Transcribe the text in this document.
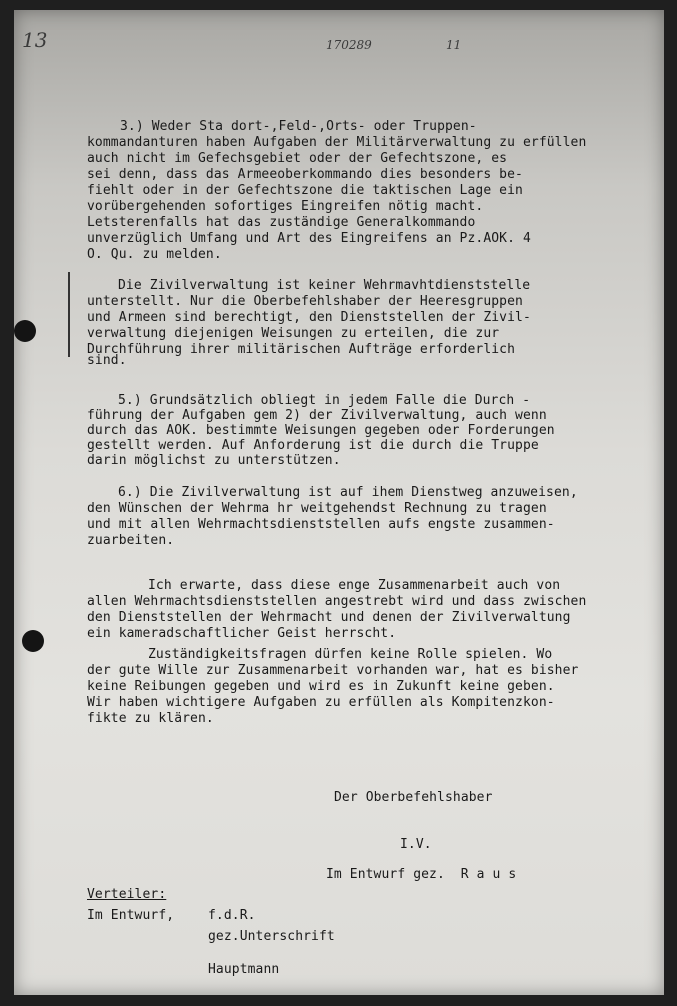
13	170289	11

3.) Weder Sta dort-,Feld-,Orts- oder Truppen-

kommandanturen haben Aufgaben der Militärverwaltung zu erfüllen

auch nicht im Gefechsgebiet oder der Gefechtszone, es

sei denn, dass das Armeeoberkommando dies besonders be-

fiehlt oder in der Gefechtszone die taktischen Lage ein

vorübergehenden sofortiges Eingreifen nötig macht.

Letsterenfalls hat das zuständige Generalkommando

unverzüglich Umfang und Art des Eingreifens an Pz.AOK. 4

O. Qu. zu melden.

Die Zivilverwaltung ist keiner Wehrmavhtdienststelle

unterstellt. Nur die Oberbefehlshaber der Heeresgruppen

und Armeen sind berechtigt, den Dienststellen der Zivil-

verwaltung diejenigen Weisungen zu erteilen, die zur

Durchführung ihrer militärischen Aufträge erforderlich

sind.

5.) Grundsätzlich obliegt in jedem Falle die Durch -

führung der Aufgaben gem 2) der Zivilverwaltung, auch wenn

durch das AOK. bestimmte Weisungen gegeben oder Forderungen

gestellt werden. Auf Anforderung ist die durch die Truppe

darin möglichst zu unterstützen.

6.) Die Zivilverwaltung ist auf ihem Dienstweg anzuweisen,

den Wünschen der Wehrma hr weitgehendst Rechnung zu tragen

und mit allen Wehrmachtsdienststellen aufs engste zusammen-

zuarbeiten.

Ich erwarte, dass diese enge Zusammenarbeit auch von

allen Wehrmachtsdienststellen angestrebt wird und dass zwischen

den Dienststellen der Wehrmacht und denen der Zivilverwaltung

ein kameradschaftlicher Geist herrscht.

Zuständigkeitsfragen dürfen keine Rolle spielen. Wo

der gute Wille zur Zusammenarbeit vorhanden war, hat es bisher

keine Reibungen gegeben und wird es in Zukunft keine geben.

Wir haben wichtigere Aufgaben zu erfüllen als Kompitenzkon-

fikte zu klären.

Der Oberbefehlshaber

I.V.

Im Entwurf gez.  R a u s

Verteiler:

Im Entwurf,

	f.d.R.

gez.Unterschrift

Hauptmann
